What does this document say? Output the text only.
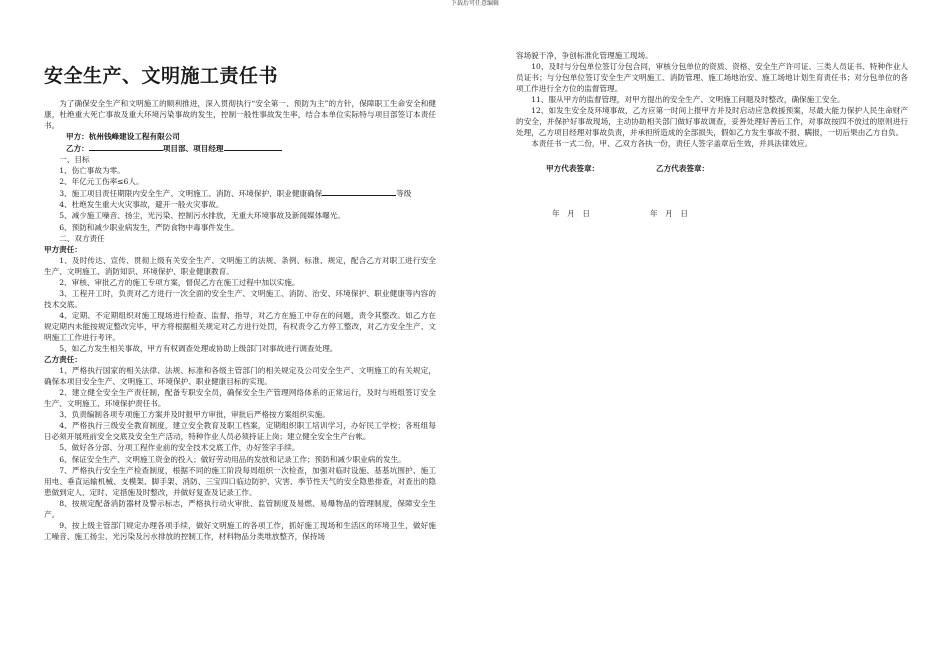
下载后可任意编辑
安全生产、文明施工责任书

为了确保安全生产和文明施工的顺利推进，深入贯彻执行“安全第一、预防为主”的方针，保障职工生命安全和健康，杜绝重大死亡事故及重大环境污染事故的发生，控制一般性事故发生率，结合本单位实际特与项目部签订本责任书。

甲方：杭州钱峰建设工程有限公司
乙方：	项目部、项目经理

一、目标

1、伤亡事故为零。

2、年亿元工伤率≤6人。

3、施工项目责任期限内安全生产、文明施工、消防、环境保护、职业健康确保	等级

4、杜绝发生重大火灾事故，避开一般火灾事故。

5、减少施工噪音、扬尘，光污染、控制污水排放，无重大环境事故及新闻媒体曝光。

6、预防和减少职业病发生，严防食物中毒事件发生。

二、双方责任

甲方责任：

1、及时传达、宣传、贯彻上级有关安全生产、文明施工的法规、条例、标准、规定，配合乙方对职工进行安全生产、文明施工、消防知识、环境保护、职业健康教育。

2、审核、审批乙方的施工专项方案，督促乙方在施工过程中加以实施。

3、工程开工时，负责对乙方进行一次全面的安全生产、文明施工、消防、治安、环境保护、职业健康等内容的技术交底。

4、定期、不定期组织对施工现场进行检查、监督、指导，对乙方在施工中存在的问题，责令其整改。如乙方在规定期内未能按规定整改完毕，甲方将根据相关规定对乙方进行处罚，有权责令乙方停工整改，对乙方安全生产、文明施工工作进行考评。

5、如乙方发生相关事故，甲方有权调查处理或协助上级部门对事故进行调查处理。

乙方责任：

1、严格执行国家的相关法律、法规、标准和各级主管部门的相关规定及公司安全生产、文明施工的有关规定，确保本项目安全生产、文明施工、环境保护、职业健康目标的实现。

2、建立健全安全生产责任制，配备专职安全员，确保安全生产管理网络体系的正常运行，及时与班组签订安全生产、文明施工、环境保护责任书。

3、负责编制各项专项施工方案并及时报甲方审批，审批后严格按方案组织实施。

4、严格执行三级安全教育制度，建立安全教育及职工档案，定期组织职工培训学习，办好民工学校；各班组每日必须开展班前安全交底及安全生产活动，特种作业人员必须持证上岗；建立健全安全生产台帐。

5、做好各分部、分项工程作业前的安全技术交底工作，办好签字手续。

6、保证安全生产、文明施工资金的投入；做好劳动用品的发放和记录工作；预防和减少职业病的发生。

7、严格执行安全生产检查制度，根据不同的施工阶段每周组织一次检查，加强对临时设施、基基坑围护、施工用电、垂直运输机械、支模架、脚手架、消防、三宝四口临边防护、灾害、季节性天气的安全隐患排查，对查出的隐患做到定人、定时、定措施及时整改，并做好复查及记录工作。

8、按规定配备消防器材及警示标志，严格执行动火审批、监管制度及易燃、易爆物品的管理制度，保障安全生产。

9、按上级主管部门规定办理各项手续，做好文明施工的各项工作，抓好施工现场和生活区的环境卫生，做好施工噪音、施工扬尘、光污染及污水排放的控制工作，材料物品分类堆放整齐，保持场

容场貌干净，争创标准化管理施工现场。

10、及时与分包单位签订分包合同，审核分包单位的资质、资格、安全生产许可证、三类人员证书、特种作业人员证书；与分包单位签订安全生产文明施工、消防管理、施工场地治安、施工场地计划生育责任书；对分包单位的各项工作进行全方位的监督管理。

11、服从甲方的监督管理，对甲方提出的安全生产、文明施工问题及时整改，确保施工安全。

12、如发生安全及环境事故，乙方应第一时间上报甲方并及时启动应急救援预案，尽最大能力保护人民生命财产的安全，并保护好事故现场，主动协助相关部门做好事故调查，妥善处理好善后工作，对事故按四不放过的原则进行处理，乙方项目经理对事故负责，并承担所造成的全部损失，假如乙方发生事故不报、瞒报，一切后果由乙方自负。

本责任书一式二份，甲、乙双方各执一份，责任人签字盖章后生效，并具法律效应。

甲方代表签章：	乙方代表签章：
年　月　日	年　月　日
